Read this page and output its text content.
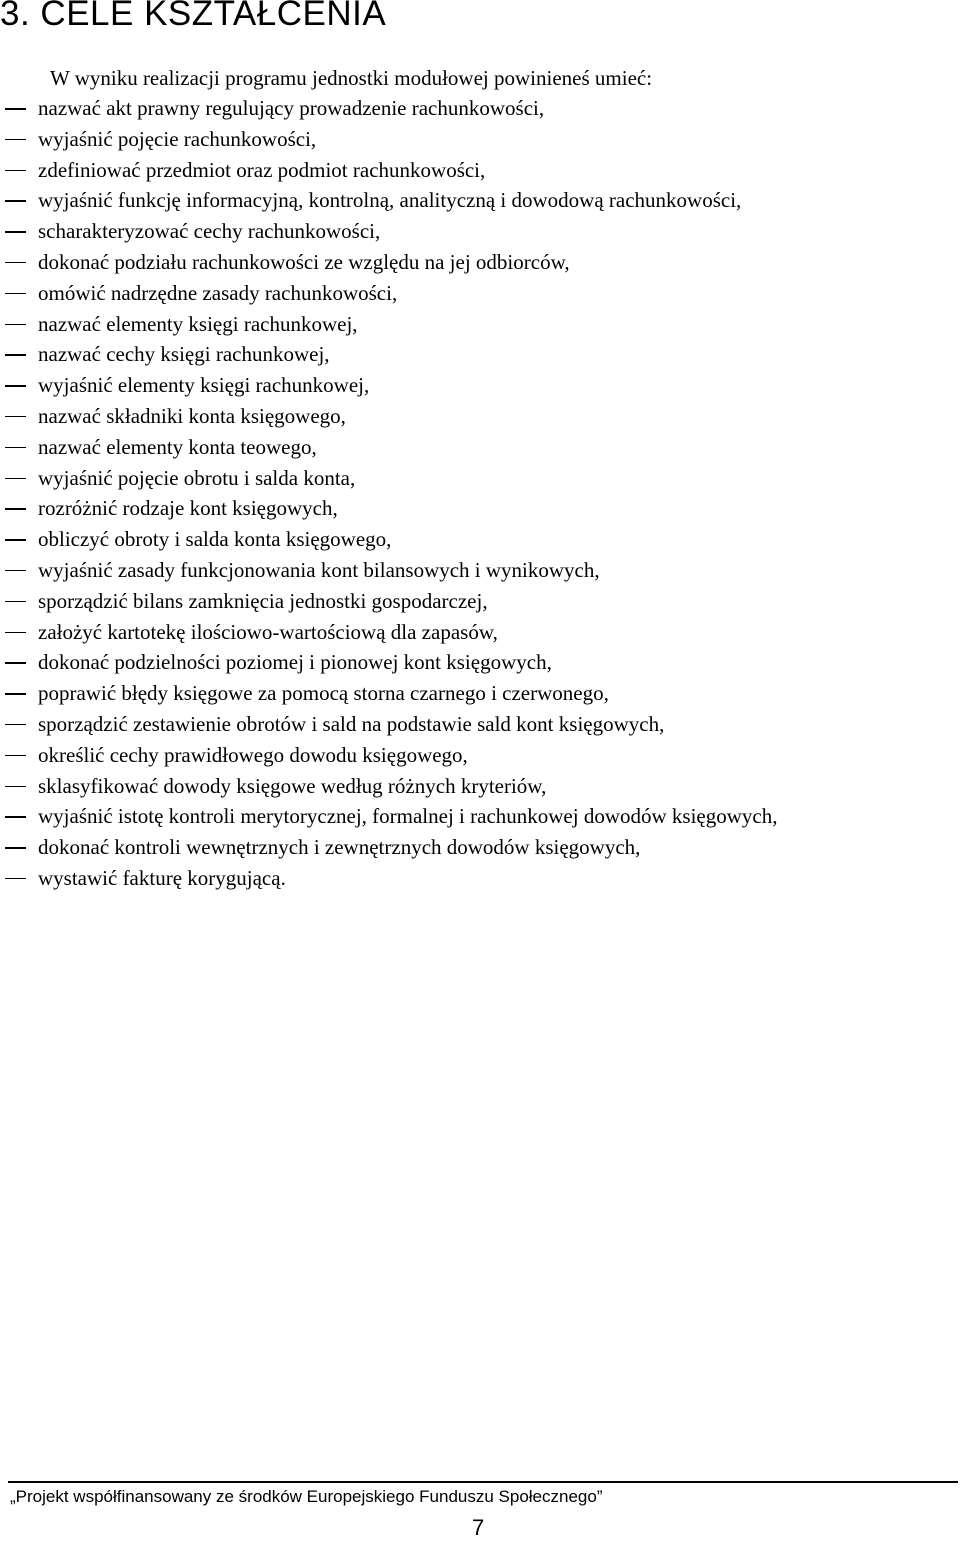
3. CELE KSZTAŁCENIA
W wyniku realizacji programu jednostki modułowej powinieneś umieć:
nazwać akt prawny regulujący prowadzenie rachunkowości,
wyjaśnić pojęcie rachunkowości,
zdefiniować przedmiot oraz podmiot rachunkowości,
wyjaśnić funkcję informacyjną, kontrolną, analityczną i dowodową rachunkowości,
scharakteryzować cechy rachunkowości,
dokonać podziału rachunkowości ze względu na jej odbiorców,
omówić nadrzędne zasady rachunkowości,
nazwać elementy księgi rachunkowej,
nazwać cechy księgi rachunkowej,
wyjaśnić elementy księgi rachunkowej,
nazwać składniki konta księgowego,
nazwać elementy konta teowego,
wyjaśnić pojęcie obrotu i salda konta,
rozróżnić rodzaje kont księgowych,
obliczyć obroty i salda konta księgowego,
wyjaśnić zasady funkcjonowania kont bilansowych i wynikowych,
sporządzić bilans zamknięcia jednostki gospodarczej,
założyć kartotekę ilościowo-wartościową dla zapasów,
dokonać podzielności poziomej i pionowej kont księgowych,
poprawić błędy księgowe za pomocą storna czarnego i czerwonego,
sporządzić zestawienie obrotów i sald na podstawie sald kont księgowych,
określić cechy prawidłowego dowodu księgowego,
sklasyfikować dowody księgowe według różnych kryteriów,
wyjaśnić istotę kontroli merytorycznej, formalnej i rachunkowej dowodów księgowych,
dokonać kontroli wewnętrznych i zewnętrznych dowodów księgowych,
wystawić fakturę korygującą.
„Projekt współfinansowany ze środków Europejskiego Funduszu Społecznego”
7
